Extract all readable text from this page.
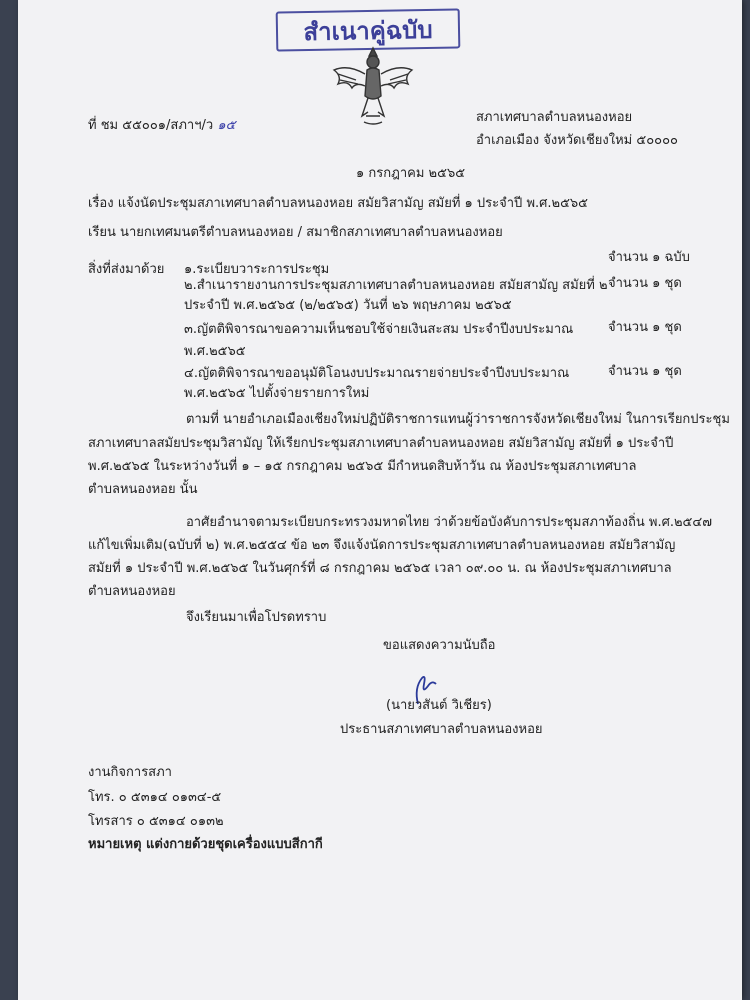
สำเนาคู่ฉบับ
ที่ ชม ๕๕๐๐๑/สภาฯ/ว ๑๕
สภาเทศบาลตำบลหนองหอย
อำเภอเมือง จังหวัดเชียงใหม่ ๕๐๐๐๐
๑ กรกฎาคม ๒๕๖๕
เรื่อง แจ้งนัดประชุมสภาเทศบาลตำบลหนองหอย สมัยวิสามัญ สมัยที่ ๑ ประจำปี พ.ศ.๒๕๖๕
เรียน นายกเทศมนตรีตำบลหนองหอย / สมาชิกสภาเทศบาลตำบลหนองหอย
สิ่งที่ส่งมาด้วย ๑.ระเบียบวาระการประชุม
จำนวน ๑ ฉบับ
๒.สำเนารายงานการประชุมสภาเทศบาลตำบลหนองหอย สมัยสามัญ สมัยที่ ๒
ประจำปี พ.ศ.๒๕๖๕ (๒/๒๕๖๕) วันที่ ๒๖ พฤษภาคม ๒๕๖๕
จำนวน ๑ ชุด
๓.ญัตติพิจารณาขอความเห็นชอบใช้จ่ายเงินสะสม ประจำปีงบประมาณ
พ.ศ.๒๕๖๕
จำนวน ๑ ชุด
๔.ญัตติพิจารณาขออนุมัติโอนงบประมาณรายจ่ายประจำปีงบประมาณ
พ.ศ.๒๕๖๕ ไปตั้งจ่ายรายการใหม่
จำนวน ๑ ชุด
ตามที่ นายอำเภอเมืองเชียงใหม่ปฏิบัติราชการแทนผู้ว่าราชการจังหวัดเชียงใหม่ ในการเรียกประชุม
สภาเทศบาลสมัยประชุมวิสามัญ ให้เรียกประชุมสภาเทศบาลตำบลหนองหอย สมัยวิสามัญ สมัยที่ ๑ ประจำปี
พ.ศ.๒๕๖๕ ในระหว่างวันที่ ๑ – ๑๕ กรกฎาคม ๒๕๖๕ มีกำหนดสิบห้าวัน ณ ห้องประชุมสภาเทศบาล
ตำบลหนองหอย นั้น
อาศัยอำนาจตามระเบียบกระทรวงมหาดไทย ว่าด้วยข้อบังคับการประชุมสภาท้องถิ่น พ.ศ.๒๕๔๗
แก้ไขเพิ่มเติม(ฉบับที่ ๒) พ.ศ.๒๕๕๔ ข้อ ๒๓ จึงแจ้งนัดการประชุมสภาเทศบาลตำบลหนองหอย สมัยวิสามัญ
สมัยที่ ๑ ประจำปี พ.ศ.๒๕๖๕ ในวันศุกร์ที่ ๘ กรกฎาคม ๒๕๖๕ เวลา ๐๙.๐๐ น. ณ ห้องประชุมสภาเทศบาล
ตำบลหนองหอย
จึงเรียนมาเพื่อโปรดทราบ
ขอแสดงความนับถือ
(นายวสันต์ วิเชียร)
ประธานสภาเทศบาลตำบลหนองหอย
งานกิจการสภา
โทร. ๐ ๕๓๑๔ ๐๑๓๔-๕
โทรสาร ๐ ๕๓๑๔ ๐๑๓๒
หมายเหตุ แต่งกายด้วยชุดเครื่องแบบสีกากี
